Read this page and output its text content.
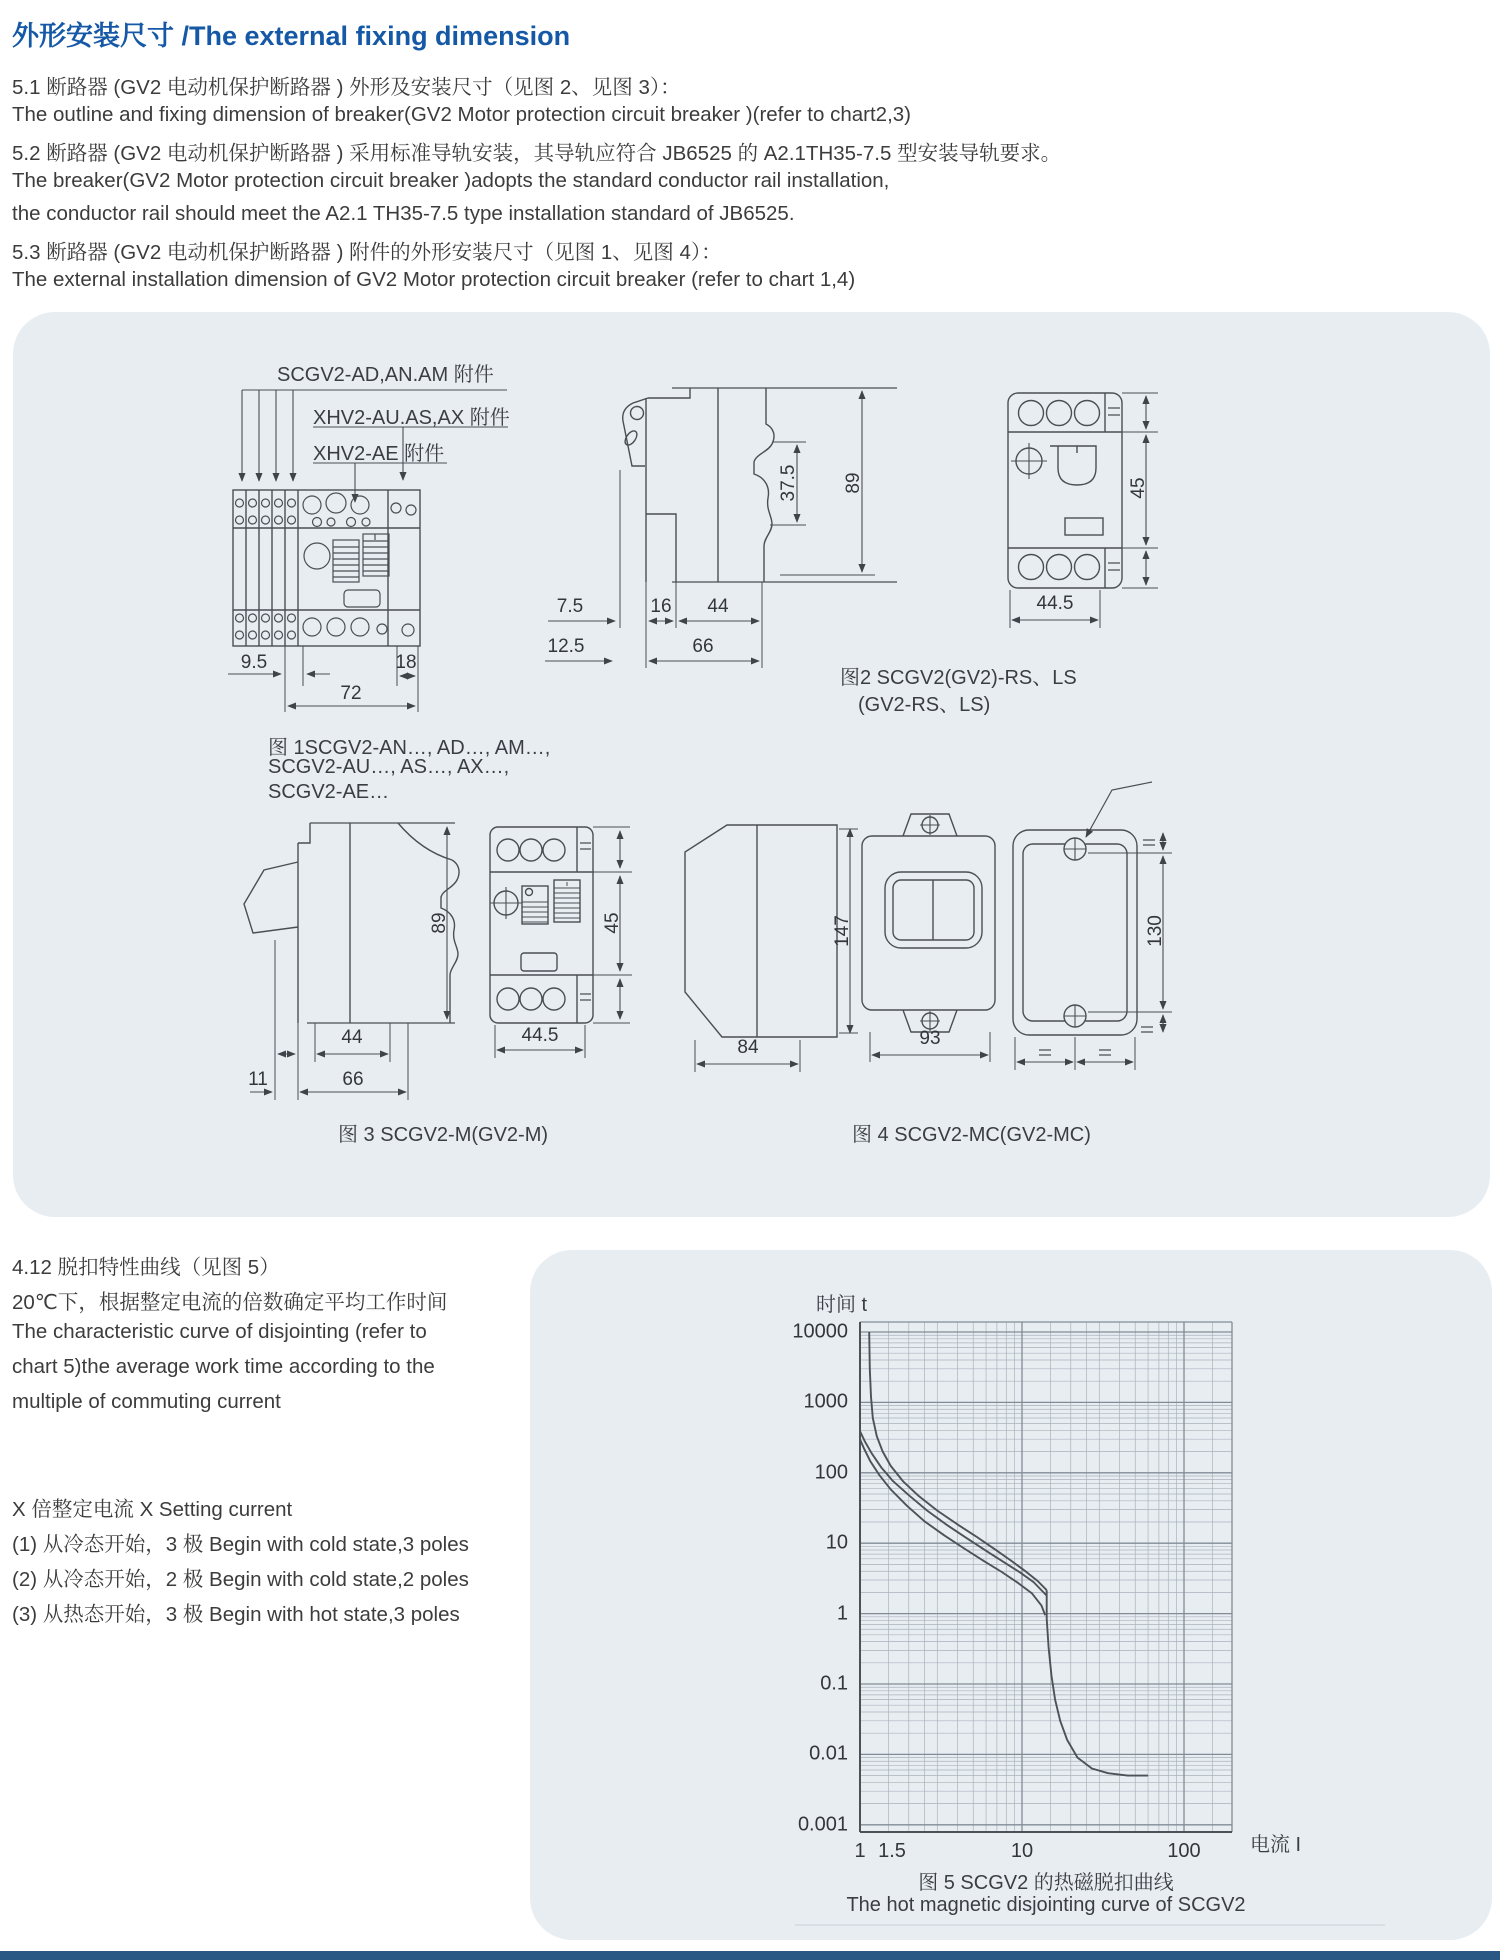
外形安装尺寸 /The external fixing dimension
5.1 断路器 (GV2 电动机保护断路器 ) 外形及安装尺寸（见图 2、见图 3）：
The outline and fixing dimension of breaker(GV2 Motor protection circuit breaker )(refer to chart2,3)
5.2 断路器 (GV2 电动机保护断路器 ) 采用标准导轨安装，其导轨应符合 JB6525 的 A2.1TH35-7.5 型安装导轨要求。
The breaker(GV2 Motor protection circuit breaker )adopts the standard conductor rail installation,
the conductor rail should meet the A2.1 TH35-7.5 type installation standard of JB6525.
5.3 断路器 (GV2 电动机保护断路器 ) 附件的外形安装尺寸（见图 1、见图 4）：
The external installation dimension of GV2 Motor protection circuit breaker (refer to chart 1,4)
SCGV2-AD,AN.AM 附件
XHV2-AU.AS,AX 附件
XHV2-AE 附件
9.5	18
72
图 1SCGV2-AN…, AD…, AM…,
SCGV2-AU…, AS…, AX…,
SCGV2-AE…
37.5 89
7.5	16 44
12.5	66
45
44.5
图2 SCGV2(GV2)-RS、LS
(GV2-RS、LS)
89
44
11	66
45
44.5
图 3 SCGV2-M(GV2-M)
147
84	93
130
图 4 SCGV2-MC(GV2-MC)
4.12 脱扣特性曲线（见图 5）
20℃下，根据整定电流的倍数确定平均工作时间
The characteristic curve of disjointing (refer to
chart 5)the average work time according to the
multiple of commuting current
X 倍整定电流 X Setting current
(1) 从冷态开始，3 极 Begin with cold state,3 poles
(2) 从冷态开始，2 极 Begin with cold state,2 poles
(3) 从热态开始，3 极 Begin with hot state,3 poles
时间 t
10000
1000
100
10
1
0.1
0.01
0.001
1 1.5	10	100 电流 I
图 5 SCGV2 的热磁脱扣曲线
The hot magnetic disjointing curve of SCGV2
